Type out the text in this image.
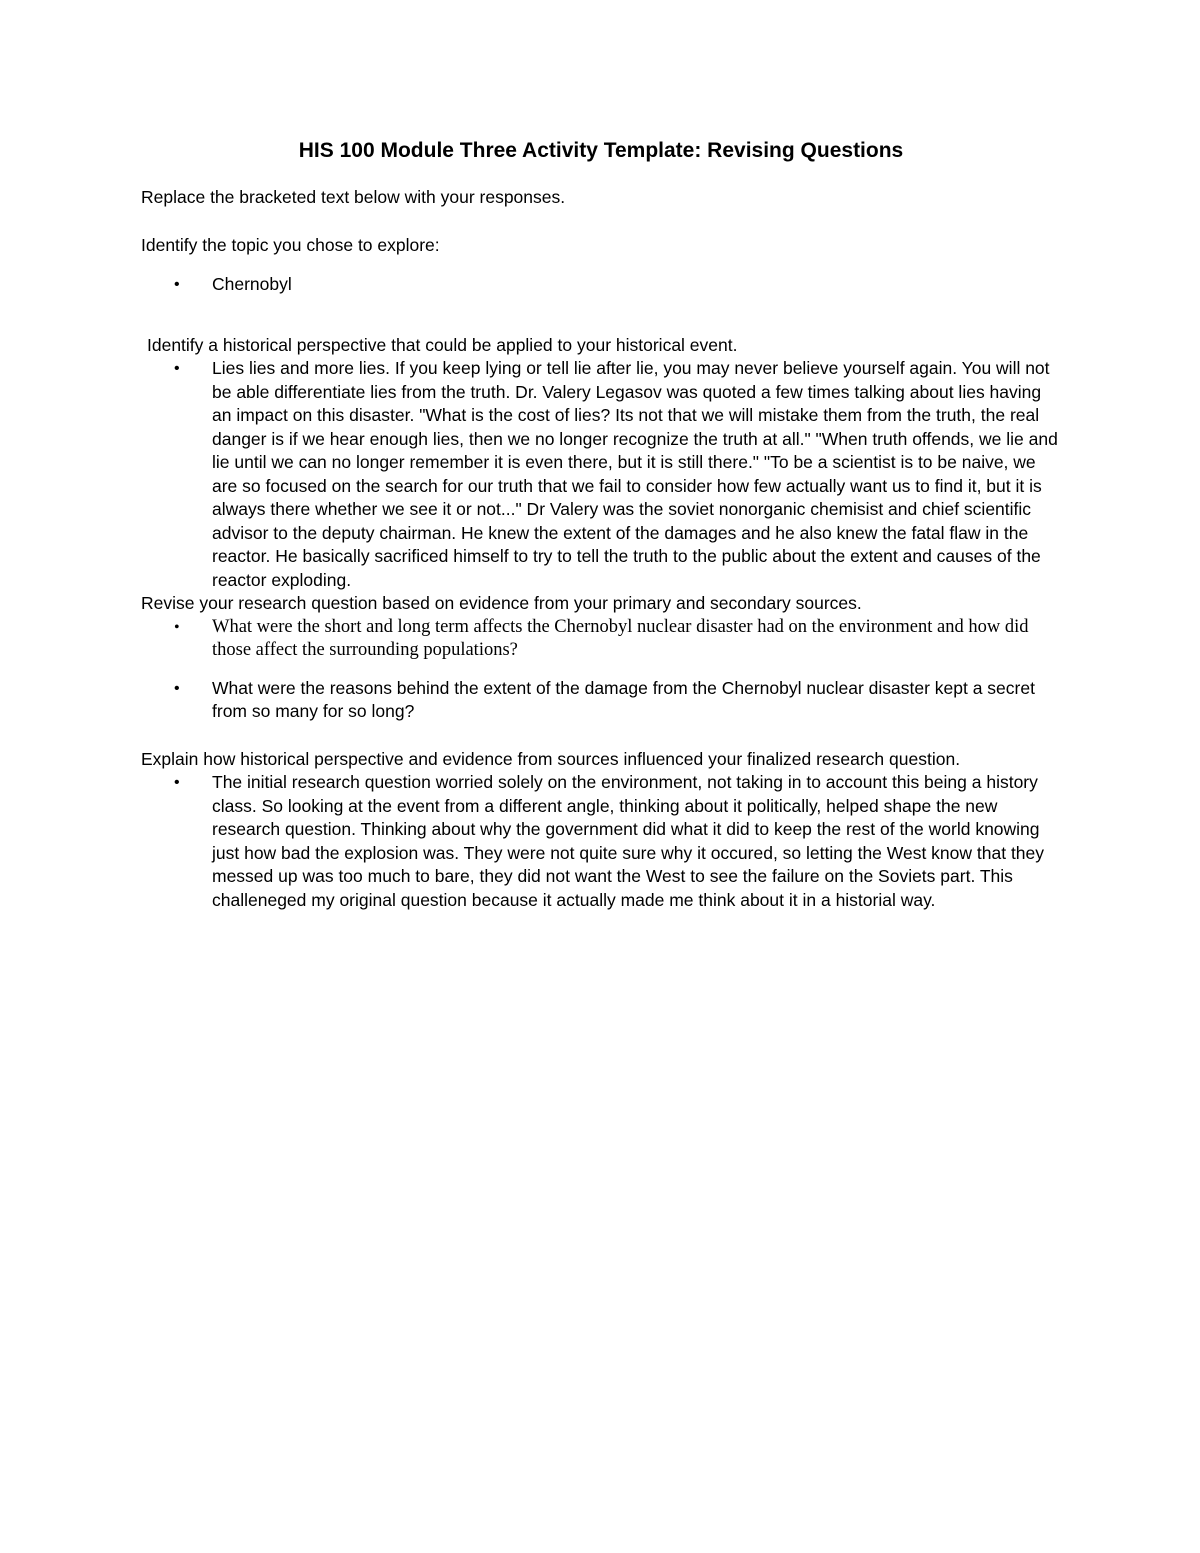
HIS 100 Module Three Activity Template: Revising Questions

Replace the bracketed text below with your responses.

Identify the topic you chose to explore:

• Chernobyl

Identify a historical perspective that could be applied to your historical event.

• Lies lies and more lies. If you keep lying or tell lie after lie, you may never believe yourself again. You will not be able differentiate lies from the truth. Dr. Valery Legasov was quoted a few times talking about lies having an impact on this disaster. "What is the cost of lies? Its not that we will mistake them from the truth, the real danger is if we hear enough lies, then we no longer recognize the truth at all." "When truth offends, we lie and lie until we can no longer remember it is even there, but it is still there." "To be a scientist is to be naive, we are so focused on the search for our truth that we fail to consider how few actually want us to find it, but it is always there whether we see it or not..." Dr Valery was the soviet nonorganic chemisist and chief scientific advisor to the deputy chairman. He knew the extent of the damages and he also knew the fatal flaw in the reactor. He basically sacrificed himself to try to tell the truth to the public about the extent and causes of the reactor exploding.

Revise your research question based on evidence from your primary and secondary sources.

• What were the short and long term affects the Chernobyl nuclear disaster had on the environment and how did those affect the surrounding populations?
• What were the reasons behind the extent of the damage from the Chernobyl nuclear disaster kept a secret from so many for so long?

Explain how historical perspective and evidence from sources influenced your finalized research question.

• The initial research question worried solely on the environment, not taking in to account this being a history class. So looking at the event from a different angle, thinking about it politically, helped shape the new research question. Thinking about why the government did what it did to keep the rest of the world knowing just how bad the explosion was. They were not quite sure why it occured, so letting the West know that they messed up was too much to bare, they did not want the West to see the failure on the Soviets part. This challeneged my original question because it actually made me think about it in a historial way.
